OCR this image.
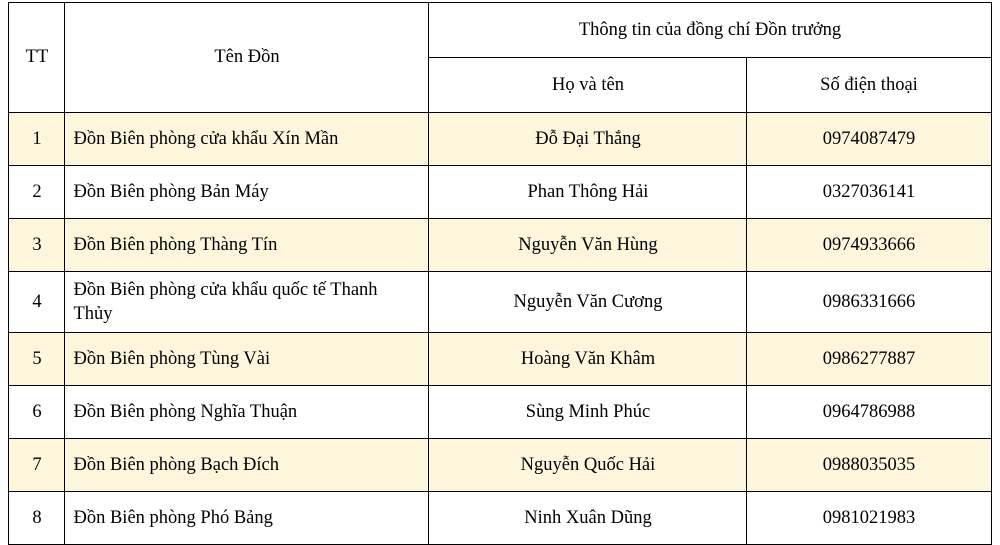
TT	Tên Đồn	Thông tin của đồng chí Đồn trưởng	
		Họ và tên	Số điện thoại
1	Đồn Biên phòng cửa khẩu Xín Mần	Đỗ Đại Thắng	0974087479
2	Đồn Biên phòng Bản Máy	Phan Thông Hải	0327036141
3	Đồn Biên phòng Thàng Tín	Nguyễn Văn Hùng	0974933666
4	Đồn Biên phòng cửa khẩu quốc tế Thanh Thủy	Nguyễn Văn Cương	0986331666
5	Đồn Biên phòng Tùng Vài	Hoàng Văn Khâm	0986277887
6	Đồn Biên phòng Nghĩa Thuận	Sùng Minh Phúc	0964786988
7	Đồn Biên phòng Bạch Đích	Nguyễn Quốc Hải	0988035035
8	Đồn Biên phòng Phó Bảng	Ninh Xuân Dũng	0981021983
